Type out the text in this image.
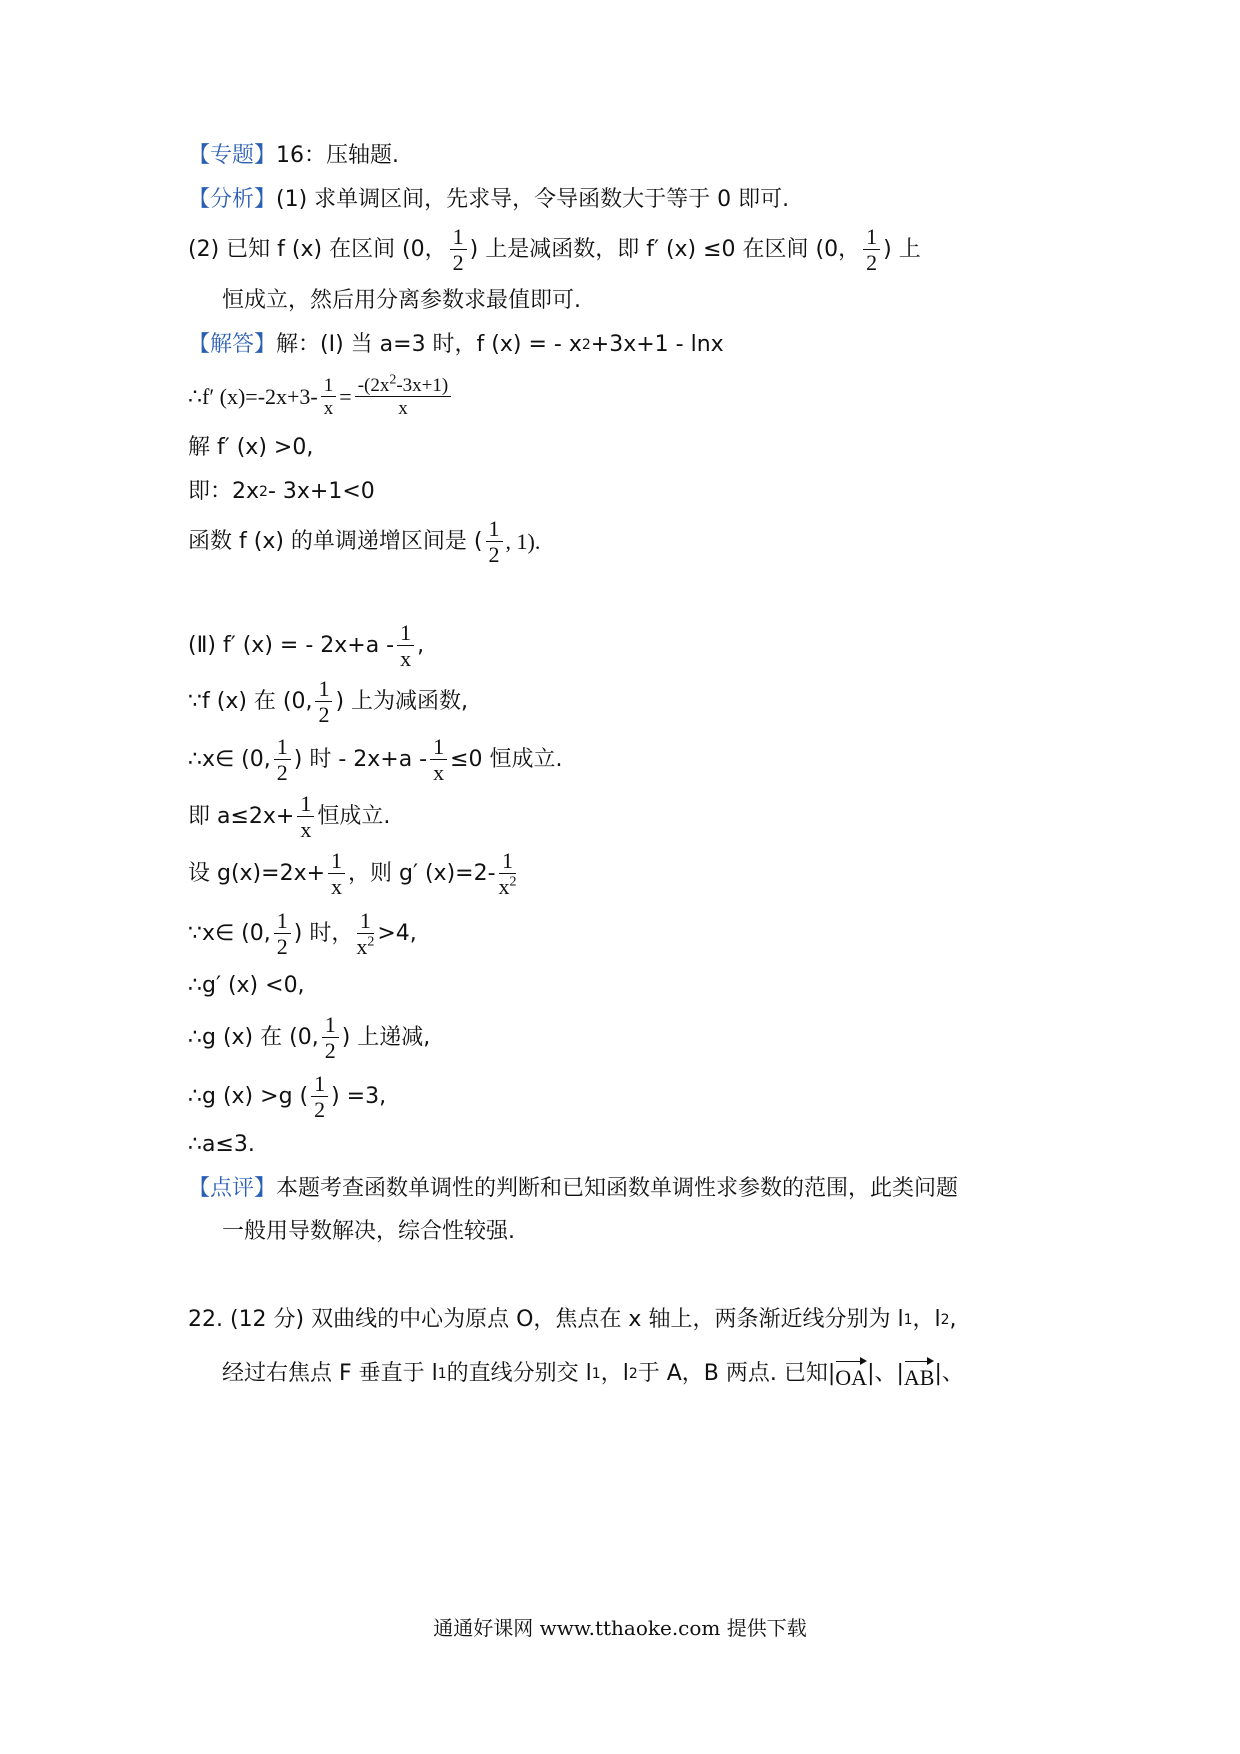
【专题】 16：压轴题.
【分析】 (1) 求单调区间，先求导，令导函数大于等于 0 即可.
(2) 已知 f (x) 在区间 (0， $\frac{1}{2}$ ) 上是减函数，即 f′ (x) ≤0 在区间 (0， $\frac{1}{2}$ ) 上
恒成立，然后用分离参数求最值即可.
【解答】 解：(Ⅰ) 当 a=3 时，f (x) = - x 2 +3x+1 - lnx
∴f′ $(x)=-2x+3- \frac{1}{x} = \frac{-(2x^2-3x+1)}{x}$
解 f′ (x) >0,
即：2x 2 - 3x+1<0
函数 f (x) 的单调递增区间是 ( $\frac{1}{2}$ , 1).
(Ⅱ) f′ (x) = - $2x+a - \frac{1}{x}$ ,
∵f (x) 在 (0, $\frac{1}{2}$ ) 上为减函数,
∴x∈ (0, $\frac{1}{2}$ ) 时 - $2x+a - \frac{1}{x} \le 0$ 恒成立.
即 $a\le 2x+ \frac{1}{x}$ 恒成立.
设 $g(x)=2x+ \frac{1}{x}$ ，则 g′ $(x)=2- \frac{1}{x^2}$
∵x∈ (0, $\frac{1}{2}$ ) 时， $\frac{1}{x^2} >4$,
∴g′ (x) <0,
∴g (x) 在 (0, $\frac{1}{2}$ ) 上递减,
∴g (x) >g ( $\frac{1}{2}$ ) =3,
∴a≤3.
【点评】 本题考查函数单调性的判断和已知函数单调性求参数的范围，此类问题
一般用导数解决，综合性较强.
22. (12 分) 双曲线的中心为原点 O，焦点在 x 轴上，两条渐近线分别为 l 1 ，l 2 ,
经过右焦点 F 垂直于 l 1 的直线分别交 l 1 ，l 2 于 A，B 两点. 已知| OA |、| AB |、
通通好课网 www.tthaoke.com 提供下载
